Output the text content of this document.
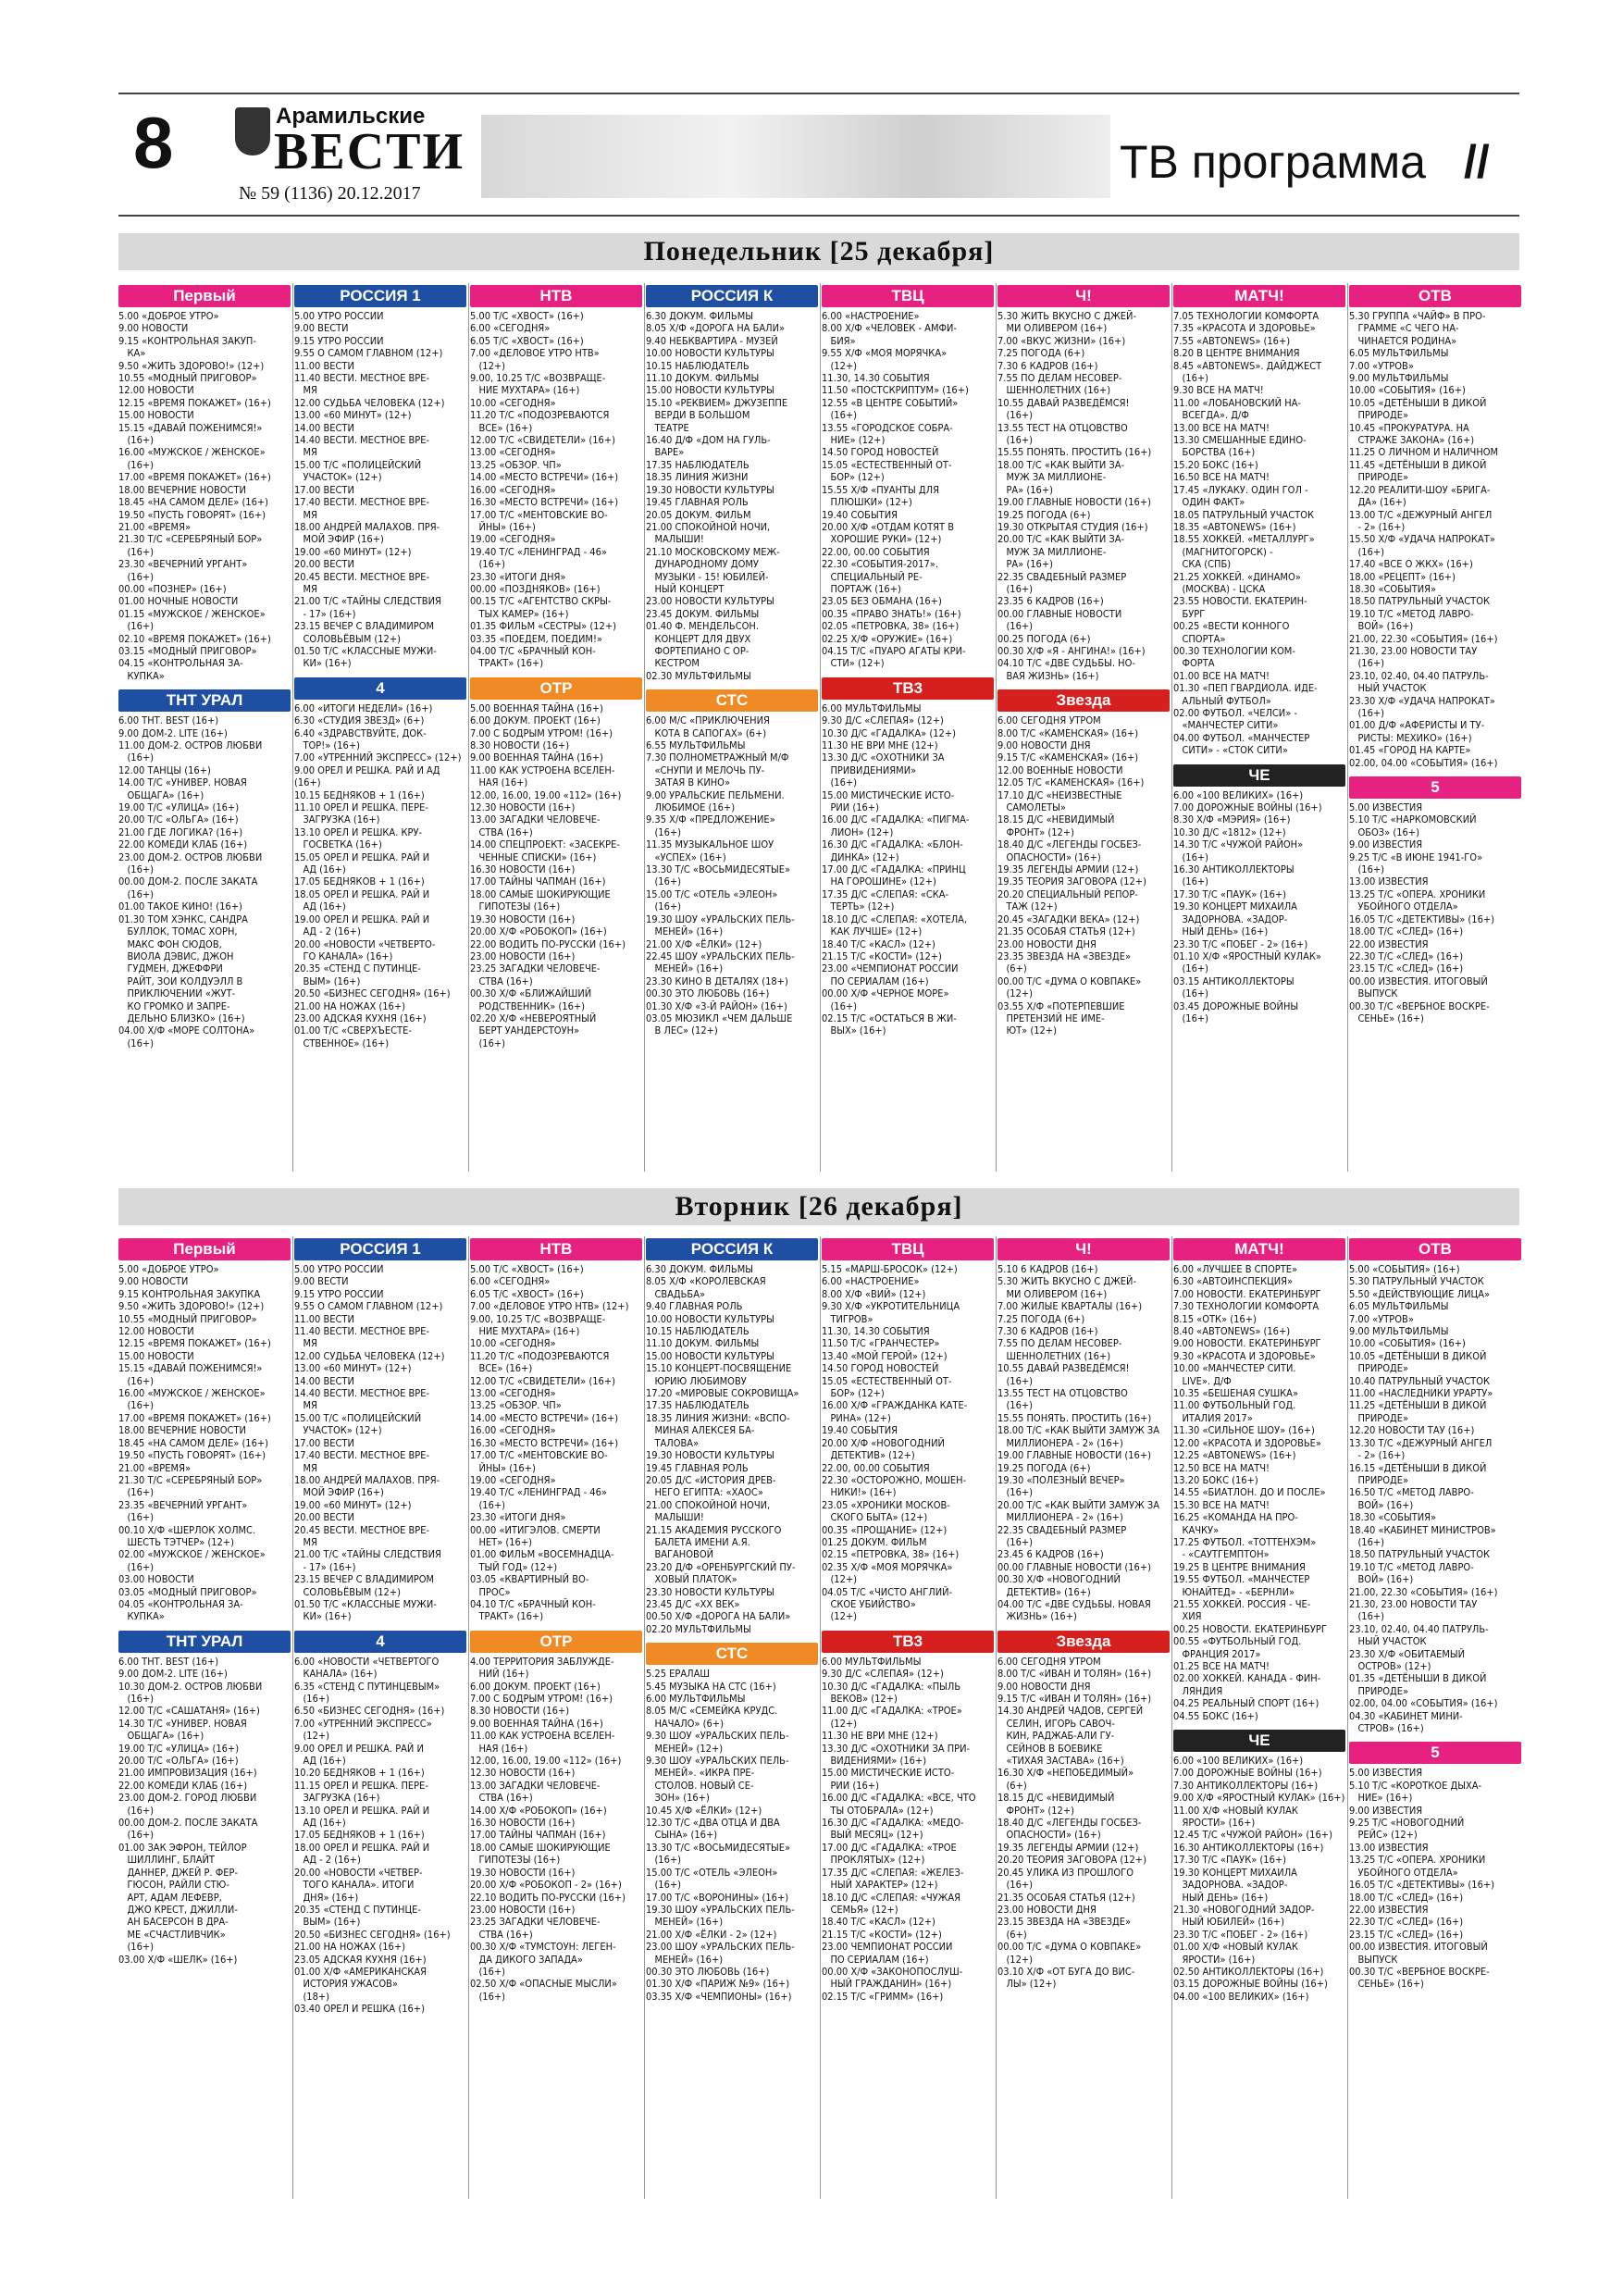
8	Арамильские
ВЕСТИ
№ 59 (1136) 20.12.2017
ТВ программа //
Понедельник [25 декабря]
Первый
5.00 «ДОБРОЕ УТРО»
9.00 НОВОСТИ
9.15 «КОНТРОЛЬНАЯ ЗАКУП-
КА»
9.50 «ЖИТЬ ЗДОРОВО!» (12+)
10.55 «МОДНЫЙ ПРИГОВОР»
12.00 НОВОСТИ
12.15 «ВРЕМЯ ПОКАЖЕТ» (16+)
15.00 НОВОСТИ
15.15 «ДАВАЙ ПОЖЕНИМСЯ!»
(16+)
16.00 «МУЖСКОЕ / ЖЕНСКОЕ»
(16+)
17.00 «ВРЕМЯ ПОКАЖЕТ» (16+)
18.00 ВЕЧЕРНИЕ НОВОСТИ
18.45 «НА САМОМ ДЕЛЕ» (16+)
19.50 «ПУСТЬ ГОВОРЯТ» (16+)
21.00 «ВРЕМЯ»
21.30 Т/С «СЕРЕБРЯНЫЙ БОР»
(16+)
23.30 «ВЕЧЕРНИЙ УРГАНТ»
(16+)
00.00 «ПОЗНЕР» (16+)
01.00 НОЧНЫЕ НОВОСТИ
01.15 «МУЖСКОЕ / ЖЕНСКОЕ»
(16+)
02.10 «ВРЕМЯ ПОКАЖЕТ» (16+)
03.15 «МОДНЫЙ ПРИГОВОР»
04.15 «КОНТРОЛЬНАЯ ЗА-
КУПКА»
ТНТ УРАЛ
6.00 ТНТ. BEST (16+)
9.00 ДОМ-2. LITE (16+)
11.00 ДОМ-2. ОСТРОВ ЛЮБВИ
(16+)
12.00 ТАНЦЫ (16+)
14.00 Т/С «УНИВЕР. НОВАЯ
ОБЩАГА» (16+)
19.00 Т/С «УЛИЦА» (16+)
20.00 Т/С «ОЛЬГА» (16+)
21.00 ГДЕ ЛОГИКА? (16+)
22.00 КОМЕДИ КЛАБ (16+)
23.00 ДОМ-2. ОСТРОВ ЛЮБВИ
(16+)
00.00 ДОМ-2. ПОСЛЕ ЗАКАТА
(16+)
01.00 ТАКОЕ КИНО! (16+)
01.30 ТОМ ХЭНКС, САНДРА
БУЛЛОК, ТОМАС ХОРН,
МАКС ФОН СЮДОВ,
ВИОЛА ДЭВИС, ДЖОН
ГУДМЕН, ДЖЕФФРИ
РАЙТ, ЗОИ КОЛДУЭЛЛ В
ПРИКЛЮЧЕНИИ «ЖУТ-
КО ГРОМКО И ЗАПРЕ-
ДЕЛЬНО БЛИЗКО» (16+)
04.00 Х/Ф «МОРЕ СОЛТОНА»
(16+)
РОССИЯ 1
5.00 УТРО РОССИИ
9.00 ВЕСТИ
9.15 УТРО РОССИИ
9.55 О САМОМ ГЛАВНОМ (12+)
11.00 ВЕСТИ
11.40 ВЕСТИ. МЕСТНОЕ ВРЕ-
МЯ
12.00 СУДЬБА ЧЕЛОВЕКА (12+)
13.00 «60 МИНУТ» (12+)
14.00 ВЕСТИ
14.40 ВЕСТИ. МЕСТНОЕ ВРЕ-
МЯ
15.00 Т/С «ПОЛИЦЕЙСКИЙ
УЧАСТОК» (12+)
17.00 ВЕСТИ
17.40 ВЕСТИ. МЕСТНОЕ ВРЕ-
МЯ
18.00 АНДРЕЙ МАЛАХОВ. ПРЯ-
МОЙ ЭФИР (16+)
19.00 «60 МИНУТ» (12+)
20.00 ВЕСТИ
20.45 ВЕСТИ. МЕСТНОЕ ВРЕ-
МЯ
21.00 Т/С «ТАЙНЫ СЛЕДСТВИЯ
- 17» (16+)
23.15 ВЕЧЕР С ВЛАДИМИРОМ
СОЛОВЬЁВЫМ (12+)
01.50 Т/С «КЛАССНЫЕ МУЖИ-
КИ» (16+)
4
6.00 «ИТОГИ НЕДЕЛИ» (16+)
6.30 «СТУДИЯ ЗВЕЗД» (6+)
6.40 «ЗДРАВСТВУЙТЕ, ДОК-
ТОР!» (16+)
7.00 «УТРЕННИЙ ЭКСПРЕСС» (12+)
9.00 ОРЕЛ И РЕШКА. РАЙ И АД (16+)
10.15 БЕДНЯКОВ + 1 (16+)
11.10 ОРЕЛ И РЕШКА. ПЕРЕ-
ЗАГРУЗКА (16+)
13.10 ОРЕЛ И РЕШКА. КРУ-
ГОСВЕТКА (16+)
15.05 ОРЕЛ И РЕШКА. РАЙ И
АД (16+)
17.05 БЕДНЯКОВ + 1 (16+)
18.05 ОРЕЛ И РЕШКА. РАЙ И
АД (16+)
19.00 ОРЕЛ И РЕШКА. РАЙ И
АД - 2 (16+)
20.00 «НОВОСТИ «ЧЕТВЕРТО-
ГО КАНАЛА» (16+)
20.35 «СТЕНД С ПУТИНЦЕ-
ВЫМ» (16+)
20.50 «БИЗНЕС СЕГОДНЯ» (16+)
21.00 НА НОЖАХ (16+)
23.00 АДСКАЯ КУХНЯ (16+)
01.00 Т/С «СВЕРХЪЕСТЕ-
СТВЕННОЕ» (16+)
НТВ
5.00 Т/С «ХВОСТ» (16+)
6.00 «СЕГОДНЯ»
6.05 Т/С «ХВОСТ» (16+)
7.00 «ДЕЛОВОЕ УТРО НТВ»
(12+)
9.00, 10.25 Т/С «ВОЗВРАЩЕ-
НИЕ МУХТАРА» (16+)
10.00 «СЕГОДНЯ»
11.20 Т/С «ПОДОЗРЕВАЮТСЯ
ВСЕ» (16+)
12.00 Т/С «СВИДЕТЕЛИ» (16+)
13.00 «СЕГОДНЯ»
13.25 «ОБЗОР. ЧП»
14.00 «МЕСТО ВСТРЕЧИ» (16+)
16.00 «СЕГОДНЯ»
16.30 «МЕСТО ВСТРЕЧИ» (16+)
17.00 Т/С «МЕНТОВСКИЕ ВО-
ЙНЫ» (16+)
19.00 «СЕГОДНЯ»
19.40 Т/С «ЛЕНИНГРАД - 46»
(16+)
23.30 «ИТОГИ ДНЯ»
00.00 «ПОЗДНЯКОВ» (16+)
00.15 Т/С «АГЕНТСТВО СКРЫ-
ТЫХ КАМЕР» (16+)
01.35 ФИЛЬМ «СЕСТРЫ» (12+)
03.35 «ПОЕДЕМ, ПОЕДИМ!»
04.00 Т/С «БРАЧНЫЙ КОН-
ТРАКТ» (16+)
ОТР
5.00 ВОЕННАЯ ТАЙНА (16+)
6.00 ДОКУМ. ПРОЕКТ (16+)
7.00 С БОДРЫМ УТРОМ! (16+)
8.30 НОВОСТИ (16+)
9.00 ВОЕННАЯ ТАЙНА (16+)
11.00 КАК УСТРОЕНА ВСЕЛЕН-
НАЯ (16+)
12.00, 16.00, 19.00 «112» (16+)
12.30 НОВОСТИ (16+)
13.00 ЗАГАДКИ ЧЕЛОВЕЧЕ-
СТВА (16+)
14.00 СПЕЦПРОЕКТ: «ЗАСЕКРЕ-
ЧЕННЫЕ СПИСКИ» (16+)
16.30 НОВОСТИ (16+)
17.00 ТАЙНЫ ЧАПМАН (16+)
18.00 САМЫЕ ШОКИРУЮЩИЕ
ГИПОТЕЗЫ (16+)
19.30 НОВОСТИ (16+)
20.00 Х/Ф «РОБОКОП» (16+)
22.00 ВОДИТЬ ПО-РУССКИ (16+)
23.00 НОВОСТИ (16+)
23.25 ЗАГАДКИ ЧЕЛОВЕЧЕ-
СТВА (16+)
00.30 Х/Ф «БЛИЖАЙШИЙ
РОДСТВЕННИК» (16+)
02.20 Х/Ф «НЕВЕРОЯТНЫЙ
БЕРТ УАНДЕРСТОУН»
(16+)
РОССИЯ К
6.30 ДОКУМ. ФИЛЬМЫ
8.05 Х/Ф «ДОРОГА НА БАЛИ»
9.40 НЕБКВАРТИРА - МУЗЕЙ
10.00 НОВОСТИ КУЛЬТУРЫ
10.15 НАБЛЮДАТЕЛЬ
11.10 ДОКУМ. ФИЛЬМЫ
15.00 НОВОСТИ КУЛЬТУРЫ
15.10 «РЕКВИЕМ» ДЖУЗЕППЕ
ВЕРДИ В БОЛЬШОМ
ТЕАТРЕ
16.40 Д/Ф «ДОМ НА ГУЛЬ-
ВАРЕ»
17.35 НАБЛЮДАТЕЛЬ
18.35 ЛИНИЯ ЖИЗНИ
19.30 НОВОСТИ КУЛЬТУРЫ
19.45 ГЛАВНАЯ РОЛЬ
20.05 ДОКУМ. ФИЛЬМ
21.00 СПОКОЙНОЙ НОЧИ,
МАЛЫШИ!
21.10 МОСКОВСКОМУ МЕЖ-
ДУНАРОДНОМУ ДОМУ
МУЗЫКИ - 15! ЮБИЛЕЙ-
НЫЙ КОНЦЕРТ
23.00 НОВОСТИ КУЛЬТУРЫ
23.45 ДОКУМ. ФИЛЬМЫ
01.40 Ф. МЕНДЕЛЬСОН.
КОНЦЕРТ ДЛЯ ДВУХ
ФОРТЕПИАНО С ОР-
КЕСТРОМ
02.30 МУЛЬТФИЛЬМЫ
СТС
6.00 М/С «ПРИКЛЮЧЕНИЯ
КОТА В САПОГАХ» (6+)
6.55 МУЛЬТФИЛЬМЫ
7.30 ПОЛНОМЕТРАЖНЫЙ М/Ф
«СНУПИ И МЕЛОЧЬ ПУ-
ЗАТАЯ В КИНО»
9.00 УРАЛЬСКИЕ ПЕЛЬМЕНИ.
ЛЮБИМОЕ (16+)
9.35 Х/Ф «ПРЕДЛОЖЕНИЕ»
(16+)
11.35 МУЗЫКАЛЬНОЕ ШОУ
«УСПЕХ» (16+)
13.30 Т/С «ВОСЬМИДЕСЯТЫЕ»
(16+)
15.00 Т/С «ОТЕЛЬ «ЭЛЕОН»
(16+)
19.30 ШОУ «УРАЛЬСКИХ ПЕЛЬ-
МЕНЕЙ» (16+)
21.00 Х/Ф «ЁЛКИ» (12+)
22.45 ШОУ «УРАЛЬСКИХ ПЕЛЬ-
МЕНЕЙ» (16+)
23.30 КИНО В ДЕТАЛЯХ (18+)
00.30 ЭТО ЛЮБОВЬ (16+)
01.30 Х/Ф «3-Й РАЙОН» (16+)
03.05 МЮЗИКЛ «ЧЕМ ДАЛЬШЕ
В ЛЕС» (12+)
ТВЦ
6.00 «НАСТРОЕНИЕ»
8.00 Х/Ф «ЧЕЛОВЕК - АМФИ-
БИЯ»
9.55 Х/Ф «МОЯ МОРЯЧКА»
(12+)
11.30, 14.30 СОБЫТИЯ
11.50 «ПОСТСКРИПТУМ» (16+)
12.55 «В ЦЕНТРЕ СОБЫТИЙ»
(16+)
13.55 «ГОРОДСКОЕ СОБРА-
НИЕ» (12+)
14.50 ГОРОД НОВОСТЕЙ
15.05 «ЕСТЕСТВЕННЫЙ ОТ-
БОР» (12+)
15.55 Х/Ф «ПУАНТЫ ДЛЯ
ПЛЮШКИ» (12+)
19.40 СОБЫТИЯ
20.00 Х/Ф «ОТДАМ КОТЯТ В
ХОРОШИЕ РУКИ» (12+)
22.00, 00.00 СОБЫТИЯ
22.30 «СОБЫТИЯ-2017».
СПЕЦИАЛЬНЫЙ РЕ-
ПОРТАЖ (16+)
23.05 БЕЗ ОБМАНА (16+)
00.35 «ПРАВО ЗНАТЬ!» (16+)
02.05 «ПЕТРОВКА, 38» (16+)
02.25 Х/Ф «ОРУЖИЕ» (16+)
04.15 Т/С «ПУАРО АГАТЫ КРИ-
СТИ» (12+)
ТВ3
6.00 МУЛЬТФИЛЬМЫ
9.30 Д/С «СЛЕПАЯ» (12+)
10.30 Д/С «ГАДАЛКА» (12+)
11.30 НЕ ВРИ МНЕ (12+)
13.30 Д/С «ОХОТНИКИ ЗА
ПРИВИДЕНИЯМИ»
(16+)
15.00 МИСТИЧЕСКИЕ ИСТО-
РИИ (16+)
16.00 Д/С «ГАДАЛКА: «ПИГМА-
ЛИОН» (12+)
16.30 Д/С «ГАДАЛКА: «БЛОН-
ДИНКА» (12+)
17.00 Д/С «ГАДАЛКА: «ПРИНЦ
НА ГОРОШИНЕ» (12+)
17.35 Д/С «СЛЕПАЯ: «СКА-
ТЕРТЬ» (12+)
18.10 Д/С «СЛЕПАЯ: «ХОТЕЛА,
КАК ЛУЧШЕ» (12+)
18.40 Т/С «КАСЛ» (12+)
21.15 Т/С «КОСТИ» (12+)
23.00 «ЧЕМПИОНАТ РОССИИ
ПО СЕРИАЛАМ (16+)
00.00 Х/Ф «ЧЕРНОЕ МОРЕ»
(16+)
02.15 Т/С «ОСТАТЬСЯ В ЖИ-
ВЫХ» (16+)
Ч!
5.30 ЖИТЬ ВКУСНО С ДЖЕЙ-
МИ ОЛИВЕРОМ (16+)
7.00 «ВКУС ЖИЗНИ» (16+)
7.25 ПОГОДА (6+)
7.30 6 КАДРОВ (16+)
7.55 ПО ДЕЛАМ НЕСОВЕР-
ШЕННОЛЕТНИХ (16+)
10.55 ДАВАЙ РАЗВЕДЁМСЯ!
(16+)
13.55 ТЕСТ НА ОТЦОВСТВО
(16+)
15.55 ПОНЯТЬ. ПРОСТИТЬ (16+)
18.00 Т/С «КАК ВЫЙТИ ЗА-
МУЖ ЗА МИЛЛИОНЕ-
РА» (16+)
19.00 ГЛАВНЫЕ НОВОСТИ (16+)
19.25 ПОГОДА (6+)
19.30 ОТКРЫТАЯ СТУДИЯ (16+)
20.00 Т/С «КАК ВЫЙТИ ЗА-
МУЖ ЗА МИЛЛИОНЕ-
РА» (16+)
22.35 СВАДЕБНЫЙ РАЗМЕР
(16+)
23.35 6 КАДРОВ (16+)
00.00 ГЛАВНЫЕ НОВОСТИ
(16+)
00.25 ПОГОДА (6+)
00.30 Х/Ф «Я - АНГИНА!» (16+)
04.10 Т/С «ДВЕ СУДЬБЫ. НО-
ВАЯ ЖИЗНЬ» (16+)
Звезда
6.00 СЕГОДНЯ УТРОМ
8.00 Т/С «КАМЕНСКАЯ» (16+)
9.00 НОВОСТИ ДНЯ
9.15 Т/С «КАМЕНСКАЯ» (16+)
12.00 ВОЕННЫЕ НОВОСТИ
12.05 Т/С «КАМЕНСКАЯ» (16+)
17.10 Д/С «НЕИЗВЕСТНЫЕ
САМОЛЕТЫ»
18.15 Д/С «НЕВИДИМЫЙ
ФРОНТ» (12+)
18.40 Д/С «ЛЕГЕНДЫ ГОСБЕЗ-
ОПАСНОСТИ» (16+)
19.35 ЛЕГЕНДЫ АРМИИ (12+)
19.35 ТЕОРИЯ ЗАГОВОРА (12+)
20.20 СПЕЦИАЛЬНЫЙ РЕПОР-
ТАЖ (12+)
20.45 «ЗАГАДКИ ВЕКА» (12+)
21.35 ОСОБАЯ СТАТЬЯ (12+)
23.00 НОВОСТИ ДНЯ
23.35 ЗВЕЗДА НА «ЗВЕЗДЕ»
(6+)
00.00 Т/С «ДУМА О КОВПАКЕ»
(12+)
03.55 Х/Ф «ПОТЕРПЕВШИЕ
ПРЕТЕНЗИЙ НЕ ИМЕ-
ЮТ» (12+)
МАТЧ!
7.05 ТЕХНОЛОГИИ КОМФОРТА
7.35 «КРАСОТА И ЗДОРОВЬЕ»
7.55 «ABTONEWS» (16+)
8.20 В ЦЕНТРЕ ВНИМАНИЯ
8.45 «ABTONEWS». ДАЙДЖЕСТ
(16+)
9.30 ВСЕ НА МАТЧ!
11.00 «ЛОБАНОВСКИЙ НА-
ВСЕГДА». Д/Ф
13.00 ВСЕ НА МАТЧ!
13.30 СМЕШАННЫЕ ЕДИНО-
БОРСТВА (16+)
15.20 БОКС (16+)
16.50 ВСЕ НА МАТЧ!
17.45 «ЛУКАКУ. ОДИН ГОЛ -
ОДИН ФАКТ»
18.05 ПАТРУЛЬНЫЙ УЧАСТОК
18.35 «ABTONEWS» (16+)
18.55 ХОККЕЙ. «МЕТАЛЛУРГ»
(МАГНИТОГОРСК) -
СКА (СПБ)
21.25 ХОККЕЙ. «ДИНАМО»
(МОСКВА) - ЦСКА
23.55 НОВОСТИ. ЕКАТЕРИН-
БУРГ
00.25 «ВЕСТИ КОННОГО
СПОРТА»
00.30 ТЕХНОЛОГИИ КОМ-
ФОРТА
01.00 ВСЕ НА МАТЧ!
01.30 «ПЕП ГВАРДИОЛА. ИДЕ-
АЛЬНЫЙ ФУТБОЛ»
02.00 ФУТБОЛ. «ЧЕЛСИ» -
«МАНЧЕСТЕР СИТИ»
04.00 ФУТБОЛ. «МАНЧЕСТЕР
СИТИ» - «СТОК СИТИ»
ЧЕ
6.00 «100 ВЕЛИКИХ» (16+)
7.00 ДОРОЖНЫЕ ВОЙНЫ (16+)
8.30 Х/Ф «МЭРИЯ» (16+)
10.30 Д/С «1812» (12+)
14.30 Т/С «ЧУЖОЙ РАЙОН»
(16+)
16.30 АНТИКОЛЛЕКТОРЫ
(16+)
17.30 Т/С «ПАУК» (16+)
19.30 КОНЦЕРТ МИХАИЛА
ЗАДОРНОВА. «ЗАДОР-
НЫЙ ДЕНЬ» (16+)
23.30 Т/С «ПОБЕГ - 2» (16+)
01.10 Х/Ф «ЯРОСТНЫЙ КУЛАК»
(16+)
03.15 АНТИКОЛЛЕКТОРЫ
(16+)
03.45 ДОРОЖНЫЕ ВОЙНЫ
(16+)
ОТВ
5.30 ГРУППА «ЧАЙФ» В ПРО-
ГРАММЕ «С ЧЕГО НА-
ЧИНАЕТСЯ РОДИНА»
6.05 МУЛЬТФИЛЬМЫ
7.00 «УТРОВ»
9.00 МУЛЬТФИЛЬМЫ
10.00 «СОБЫТИЯ» (16+)
10.05 «ДЕТЁНЫШИ В ДИКОЙ
ПРИРОДЕ»
10.45 «ПРОКУРАТУРА. НА
СТРАЖЕ ЗАКОНА» (16+)
11.25 О ЛИЧНОМ И НАЛИЧНОМ
11.45 «ДЕТЁНЫШИ В ДИКОЙ
ПРИРОДЕ»
12.20 РЕАЛИТИ-ШОУ «БРИГА-
ДА» (16+)
13.00 Т/С «ДЕЖУРНЫЙ АНГЕЛ
- 2» (16+)
15.50 Х/Ф «УДАЧА НАПРОКАТ»
(16+)
17.40 «ВСЕ О ЖКХ» (16+)
18.00 «РЕЦЕПТ» (16+)
18.30 «СОБЫТИЯ»
18.50 ПАТРУЛЬНЫЙ УЧАСТОК
19.10 Т/С «МЕТОД ЛАВРО-
ВОЙ» (16+)
21.00, 22.30 «СОБЫТИЯ» (16+)
21.30, 23.00 НОВОСТИ ТАУ
(16+)
23.10, 02.40, 04.40 ПАТРУЛЬ-
НЫЙ УЧАСТОК
23.30 Х/Ф «УДАЧА НАПРОКАТ»
(16+)
01.00 Д/Ф «АФЕРИСТЫ И ТУ-
РИСТЫ: МЕХИКО» (16+)
01.45 «ГОРОД НА КАРТЕ»
02.00, 04.00 «СОБЫТИЯ» (16+)
5
5.00 ИЗВЕСТИЯ
5.10 Т/С «НАРКОМОВСКИЙ
ОБОЗ» (16+)
9.00 ИЗВЕСТИЯ
9.25 Т/С «В ИЮНЕ 1941-ГО»
(16+)
13.00 ИЗВЕСТИЯ
13.25 Т/С «ОПЕРА. ХРОНИКИ
УБОЙНОГО ОТДЕЛА»
16.05 Т/С «ДЕТЕКТИВЫ» (16+)
18.00 Т/С «СЛЕД» (16+)
22.00 ИЗВЕСТИЯ
22.30 Т/С «СЛЕД» (16+)
23.15 Т/С «СЛЕД» (16+)
00.00 ИЗВЕСТИЯ. ИТОГОВЫЙ
ВЫПУСК
00.30 Т/С «ВЕРБНОЕ ВОСКРЕ-
СЕНЬЕ» (16+)
Вторник [26 декабря]
Первый
5.00 «ДОБРОЕ УТРО»
9.00 НОВОСТИ
9.15 КОНТРОЛЬНАЯ ЗАКУПКА
9.50 «ЖИТЬ ЗДОРОВО!» (12+)
10.55 «МОДНЫЙ ПРИГОВОР»
12.00 НОВОСТИ
12.15 «ВРЕМЯ ПОКАЖЕТ» (16+)
15.00 НОВОСТИ
15.15 «ДАВАЙ ПОЖЕНИМСЯ!»
(16+)
16.00 «МУЖСКОЕ / ЖЕНСКОЕ»
(16+)
17.00 «ВРЕМЯ ПОКАЖЕТ» (16+)
18.00 ВЕЧЕРНИЕ НОВОСТИ
18.45 «НА САМОМ ДЕЛЕ» (16+)
19.50 «ПУСТЬ ГОВОРЯТ» (16+)
21.00 «ВРЕМЯ»
21.30 Т/С «СЕРЕБРЯНЫЙ БОР»
(16+)
23.35 «ВЕЧЕРНИЙ УРГАНТ»
(16+)
00.10 Х/Ф «ШЕРЛОК ХОЛМС.
ШЕСТЬ ТЭТЧЕР» (12+)
02.00 «МУЖСКОЕ / ЖЕНСКОЕ»
(16+)
03.00 НОВОСТИ
03.05 «МОДНЫЙ ПРИГОВОР»
04.05 «КОНТРОЛЬНАЯ ЗА-
КУПКА»
ТНТ УРАЛ
6.00 ТНТ. BEST (16+)
9.00 ДОМ-2. LITE (16+)
10.30 ДОМ-2. ОСТРОВ ЛЮБВИ
(16+)
12.00 Т/С «САШАТАНЯ» (16+)
14.30 Т/С «УНИВЕР. НОВАЯ
ОБЩАГА» (16+)
19.00 Т/С «УЛИЦА» (16+)
20.00 Т/С «ОЛЬГА» (16+)
21.00 ИМПРОВИЗАЦИЯ (16+)
22.00 КОМЕДИ КЛАБ (16+)
23.00 ДОМ-2. ГОРОД ЛЮБВИ
(16+)
00.00 ДОМ-2. ПОСЛЕ ЗАКАТА
(16+)
01.00 ЗАК ЭФРОН, ТЕЙЛОР
ШИЛЛИНГ, БЛАЙТ
ДАННЕР, ДЖЕЙ Р. ФЕР-
ГЮСОН, РАЙЛИ СТЮ-
АРТ, АДАМ ЛЕФЕВР,
ДЖО КРЕСТ, ДЖИЛЛИ-
АН БАСЕРСОН В ДРА-
МЕ «СЧАСТЛИВЧИК»
(16+)
03.00 Х/Ф «ШЕЛК» (16+)
РОССИЯ 1
5.00 УТРО РОССИИ
9.00 ВЕСТИ
9.15 УТРО РОССИИ
9.55 О САМОМ ГЛАВНОМ (12+)
11.00 ВЕСТИ
11.40 ВЕСТИ. МЕСТНОЕ ВРЕ-
МЯ
12.00 СУДЬБА ЧЕЛОВЕКА (12+)
13.00 «60 МИНУТ» (12+)
14.00 ВЕСТИ
14.40 ВЕСТИ. МЕСТНОЕ ВРЕ-
МЯ
15.00 Т/С «ПОЛИЦЕЙСКИЙ
УЧАСТОК» (12+)
17.00 ВЕСТИ
17.40 ВЕСТИ. МЕСТНОЕ ВРЕ-
МЯ
18.00 АНДРЕЙ МАЛАХОВ. ПРЯ-
МОЙ ЭФИР (16+)
19.00 «60 МИНУТ» (12+)
20.00 ВЕСТИ
20.45 ВЕСТИ. МЕСТНОЕ ВРЕ-
МЯ
21.00 Т/С «ТАЙНЫ СЛЕДСТВИЯ
- 17» (16+)
23.15 ВЕЧЕР С ВЛАДИМИРОМ
СОЛОВЬЁВЫМ (12+)
01.50 Т/С «КЛАССНЫЕ МУЖИ-
КИ» (16+)
4
6.00 «НОВОСТИ «ЧЕТВЕРТОГО
КАНАЛА» (16+)
6.35 «СТЕНД С ПУТИНЦЕВЫМ»
(16+)
6.50 «БИЗНЕС СЕГОДНЯ» (16+)
7.00 «УТРЕННИЙ ЭКСПРЕСС»
(12+)
9.00 ОРЕЛ И РЕШКА. РАЙ И
АД (16+)
10.20 БЕДНЯКОВ + 1 (16+)
11.15 ОРЕЛ И РЕШКА. ПЕРЕ-
ЗАГРУЗКА (16+)
13.10 ОРЕЛ И РЕШКА. РАЙ И
АД (16+)
17.05 БЕДНЯКОВ + 1 (16+)
18.00 ОРЕЛ И РЕШКА. РАЙ И
АД - 2 (16+)
20.00 «НОВОСТИ «ЧЕТВЕР-
ТОГО КАНАЛА». ИТОГИ
ДНЯ» (16+)
20.35 «СТЕНД С ПУТИНЦЕ-
ВЫМ» (16+)
20.50 «БИЗНЕС СЕГОДНЯ» (16+)
21.00 НА НОЖАХ (16+)
23.05 АДСКАЯ КУХНЯ (16+)
01.00 Х/Ф «АМЕРИКАНСКАЯ
ИСТОРИЯ УЖАСОВ»
(18+)
03.40 ОРЕЛ И РЕШКА (16+)
НТВ
5.00 Т/С «ХВОСТ» (16+)
6.00 «СЕГОДНЯ»
6.05 Т/С «ХВОСТ» (16+)
7.00 «ДЕЛОВОЕ УТРО НТВ» (12+)
9.00, 10.25 Т/С «ВОЗВРАЩЕ-
НИЕ МУХТАРА» (16+)
10.00 «СЕГОДНЯ»
11.20 Т/С «ПОДОЗРЕВАЮТСЯ
ВСЕ» (16+)
12.00 Т/С «СВИДЕТЕЛИ» (16+)
13.00 «СЕГОДНЯ»
13.25 «ОБЗОР. ЧП»
14.00 «МЕСТО ВСТРЕЧИ» (16+)
16.00 «СЕГОДНЯ»
16.30 «МЕСТО ВСТРЕЧИ» (16+)
17.00 Т/С «МЕНТОВСКИЕ ВО-
ЙНЫ» (16+)
19.00 «СЕГОДНЯ»
19.40 Т/С «ЛЕНИНГРАД - 46»
(16+)
23.30 «ИТОГИ ДНЯ»
00.00 «ИТИГЭЛОВ. СМЕРТИ
НЕТ» (16+)
01.00 ФИЛЬМ «ВОСЕМНАДЦА-
ТЫЙ ГОД» (12+)
03.05 «КВАРТИРНЫЙ ВО-
ПРОС»
04.10 Т/С «БРАЧНЫЙ КОН-
ТРАКТ» (16+)
ОТР
4.00 ТЕРРИТОРИЯ ЗАБЛУЖДЕ-
НИЙ (16+)
6.00 ДОКУМ. ПРОЕКТ (16+)
7.00 С БОДРЫМ УТРОМ! (16+)
8.30 НОВОСТИ (16+)
9.00 ВОЕННАЯ ТАЙНА (16+)
11.00 КАК УСТРОЕНА ВСЕЛЕН-
НАЯ (16+)
12.00, 16.00, 19.00 «112» (16+)
12.30 НОВОСТИ (16+)
13.00 ЗАГАДКИ ЧЕЛОВЕЧЕ-
СТВА (16+)
14.00 Х/Ф «РОБОКОП» (16+)
16.30 НОВОСТИ (16+)
17.00 ТАЙНЫ ЧАПМАН (16+)
18.00 САМЫЕ ШОКИРУЮЩИЕ
ГИПОТЕЗЫ (16+)
19.30 НОВОСТИ (16+)
20.00 Х/Ф «РОБОКОП - 2» (16+)
22.10 ВОДИТЬ ПО-РУССКИ (16+)
23.00 НОВОСТИ (16+)
23.25 ЗАГАДКИ ЧЕЛОВЕЧЕ-
СТВА (16+)
00.30 Х/Ф «ТУМСТОУН: ЛЕГЕН-
ДА ДИКОГО ЗАПАДА»
(16+)
02.50 Х/Ф «ОПАСНЫЕ МЫСЛИ»
(16+)
РОССИЯ К
6.30 ДОКУМ. ФИЛЬМЫ
8.05 Х/Ф «КОРОЛЕВСКАЯ
СВАДЬБА»
9.40 ГЛАВНАЯ РОЛЬ
10.00 НОВОСТИ КУЛЬТУРЫ
10.15 НАБЛЮДАТЕЛЬ
11.10 ДОКУМ. ФИЛЬМЫ
15.00 НОВОСТИ КУЛЬТУРЫ
15.10 КОНЦЕРТ-ПОСВЯЩЕНИЕ
ЮРИЮ ЛЮБИМОВУ
17.20 «МИРОВЫЕ СОКРОВИЩА»
17.35 НАБЛЮДАТЕЛЬ
18.35 ЛИНИЯ ЖИЗНИ: «ВСПО-
МИНАЯ АЛЕКСЕЯ БА-
ТАЛОВА»
19.30 НОВОСТИ КУЛЬТУРЫ
19.45 ГЛАВНАЯ РОЛЬ
20.05 Д/С «ИСТОРИЯ ДРЕВ-
НЕГО ЕГИПТА: «ХАОС»
21.00 СПОКОЙНОЙ НОЧИ,
МАЛЫШИ!
21.15 АКАДЕМИЯ РУССКОГО
БАЛЕТА ИМЕНИ А.Я.
ВАГАНОВОЙ
23.20 Д/Ф «ОРЕНБУРГСКИЙ ПУ-
ХОВЫЙ ПЛАТОК»
23.30 НОВОСТИ КУЛЬТУРЫ
23.45 Д/С «ХХ ВЕК»
00.50 Х/Ф «ДОРОГА НА БАЛИ»
02.20 МУЛЬТФИЛЬМЫ
СТС
5.25 ЕРАЛАШ
5.45 МУЗЫКА НА СТС (16+)
6.00 МУЛЬТФИЛЬМЫ
8.05 М/С «СЕМЕЙКА КРУДС.
НАЧАЛО» (6+)
9.30 ШОУ «УРАЛЬСКИХ ПЕЛЬ-
МЕНЕЙ» (12+)
9.30 ШОУ «УРАЛЬСКИХ ПЕЛЬ-
МЕНЕЙ». «ИКРА ПРЕ-
СТОЛОВ. НОВЫЙ СЕ-
ЗОН» (16+)
10.45 Х/Ф «ЁЛКИ» (12+)
12.30 Т/С «ДВА ОТЦА И ДВА
СЫНА» (16+)
13.30 Т/С «ВОСЬМИДЕСЯТЫЕ»
(16+)
15.00 Т/С «ОТЕЛЬ «ЭЛЕОН»
(16+)
17.00 Т/С «ВОРОНИНЫ» (16+)
19.30 ШОУ «УРАЛЬСКИХ ПЕЛЬ-
МЕНЕЙ» (16+)
21.00 Х/Ф «ЁЛКИ - 2» (12+)
23.00 ШОУ «УРАЛЬСКИХ ПЕЛЬ-
МЕНЕЙ» (16+)
00.30 ЭТО ЛЮБОВЬ (16+)
01.30 Х/Ф «ПАРИЖ №9» (16+)
03.35 Х/Ф «ЧЕМПИОНЫ» (16+)
ТВЦ
5.15 «МАРШ-БРОСОК» (12+)
6.00 «НАСТРОЕНИЕ»
8.00 Х/Ф «ВИЙ» (12+)
9.30 Х/Ф «УКРОТИТЕЛЬНИЦА
ТИГРОВ»
11.30, 14.30 СОБЫТИЯ
11.50 Т/С «ГРАНЧЕСТЕР»
13.40 «МОЙ ГЕРОЙ» (12+)
14.50 ГОРОД НОВОСТЕЙ
15.05 «ЕСТЕСТВЕННЫЙ ОТ-
БОР» (12+)
16.00 Х/Ф «ГРАЖДАНКА КАТЕ-
РИНА» (12+)
19.40 СОБЫТИЯ
20.00 Х/Ф «НОВОГОДНИЙ
ДЕТЕКТИВ» (12+)
22.00, 00.00 СОБЫТИЯ
22.30 «ОСТОРОЖНО, МОШЕН-
НИКИ!» (16+)
23.05 «ХРОНИКИ МОСКОВ-
СКОГО БЫТА» (12+)
00.35 «ПРОЩАНИЕ» (12+)
01.25 ДОКУМ. ФИЛЬМ
02.15 «ПЕТРОВКА, 38» (16+)
02.35 Х/Ф «МОЯ МОРЯЧКА»
(12+)
04.05 Т/С «ЧИСТО АНГЛИЙ-
СКОЕ УБИЙСТВО»
(12+)
ТВ3
6.00 МУЛЬТФИЛЬМЫ
9.30 Д/С «СЛЕПАЯ» (12+)
10.30 Д/С «ГАДАЛКА: «ПЫЛЬ
ВЕКОВ» (12+)
11.00 Д/С «ГАДАЛКА: «ТРОЕ»
(12+)
11.30 НЕ ВРИ МНЕ (12+)
13.30 Д/С «ОХОТНИКИ ЗА ПРИ-
ВИДЕНИЯМИ» (16+)
15.00 МИСТИЧЕСКИЕ ИСТО-
РИИ (16+)
16.00 Д/С «ГАДАЛКА: «ВСЕ, ЧТО
ТЫ ОТОБРАЛА» (12+)
16.30 Д/С «ГАДАЛКА: «МЕДО-
ВЫЙ МЕСЯЦ» (12+)
17.00 Д/С «ГАДАЛКА: «ТРОЕ
ПРОКЛЯТЫХ» (12+)
17.35 Д/С «СЛЕПАЯ: «ЖЕЛЕЗ-
НЫЙ ХАРАКТЕР» (12+)
18.10 Д/С «СЛЕПАЯ: «ЧУЖАЯ
СЕМЬЯ» (12+)
18.40 Т/С «КАСЛ» (12+)
21.15 Т/С «КОСТИ» (12+)
23.00 ЧЕМПИОНАТ РОССИИ
ПО СЕРИАЛАМ (16+)
00.00 Х/Ф «ЗАКОНОПОСЛУШ-
НЫЙ ГРАЖДАНИН» (16+)
02.15 Т/С «ГРИММ» (16+)
Ч!
5.10 6 КАДРОВ (16+)
5.30 ЖИТЬ ВКУСНО С ДЖЕЙ-
МИ ОЛИВЕРОМ (16+)
7.00 ЖИЛЫЕ КВАРТАЛЫ (16+)
7.25 ПОГОДА (6+)
7.30 6 КАДРОВ (16+)
7.55 ПО ДЕЛАМ НЕСОВЕР-
ШЕННОЛЕТНИХ (16+)
10.55 ДАВАЙ РАЗВЕДЁМСЯ!
(16+)
13.55 ТЕСТ НА ОТЦОВСТВО
(16+)
15.55 ПОНЯТЬ. ПРОСТИТЬ (16+)
18.00 Т/С «КАК ВЫЙТИ ЗАМУЖ ЗА
МИЛЛИОНЕРА - 2» (16+)
19.00 ГЛАВНЫЕ НОВОСТИ (16+)
19.25 ПОГОДА (6+)
19.30 «ПОЛЕЗНЫЙ ВЕЧЕР»
(16+)
20.00 Т/С «КАК ВЫЙТИ ЗАМУЖ ЗА
МИЛЛИОНЕРА - 2» (16+)
22.35 СВАДЕБНЫЙ РАЗМЕР
(16+)
23.45 6 КАДРОВ (16+)
00.00 ГЛАВНЫЕ НОВОСТИ (16+)
00.30 Х/Ф «НОВОГОДНИЙ
ДЕТЕКТИВ» (16+)
04.00 Т/С «ДВЕ СУДЬБЫ. НОВАЯ
ЖИЗНЬ» (16+)
Звезда
6.00 СЕГОДНЯ УТРОМ
8.00 Т/С «ИВАН И ТОЛЯН» (16+)
9.00 НОВОСТИ ДНЯ
9.15 Т/С «ИВАН И ТОЛЯН» (16+)
14.30 АНДРЕЙ ЧАДОВ, СЕРГЕЙ
СЕЛИН, ИГОРЬ САВОЧ-
КИН, РАДЖАБ-АЛИ ГУ-
СЕЙНОВ В БОЕВИКЕ
«ТИХАЯ ЗАСТАВА» (16+)
16.30 Х/Ф «НЕПОБЕДИМЫЙ»
(6+)
18.15 Д/С «НЕВИДИМЫЙ
ФРОНТ» (12+)
18.40 Д/С «ЛЕГЕНДЫ ГОСБЕЗ-
ОПАСНОСТИ» (16+)
19.35 ЛЕГЕНДЫ АРМИИ (12+)
20.20 ТЕОРИЯ ЗАГОВОРА (12+)
20.45 УЛИКА ИЗ ПРОШЛОГО
(16+)
21.35 ОСОБАЯ СТАТЬЯ (12+)
23.00 НОВОСТИ ДНЯ
23.15 ЗВЕЗДА НА «ЗВЕЗДЕ»
(6+)
00.00 Т/С «ДУМА О КОВПАКЕ»
(12+)
03.10 Х/Ф «ОТ БУГА ДО ВИС-
ЛЫ» (12+)
МАТЧ!
6.00 «ЛУЧШЕЕ В СПОРТЕ»
6.30 «АВТОИНСПЕКЦИЯ»
7.00 НОВОСТИ. ЕКАТЕРИНБУРГ
7.30 ТЕХНОЛОГИИ КОМФОРТА
8.15 «ОТК» (16+)
8.40 «ABTONEWS» (16+)
9.00 НОВОСТИ. ЕКАТЕРИНБУРГ
9.30 «КРАСОТА И ЗДОРОВЬЕ»
10.00 «МАНЧЕСТЕР СИТИ.
LIVE». Д/Ф
10.35 «БЕШЕНАЯ СУШКА»
11.00 ФУТБОЛЬНЫЙ ГОД.
ИТАЛИЯ 2017»
11.30 «СИЛЬНОЕ ШОУ» (16+)
12.00 «КРАСОТА И ЗДОРОВЬЕ»
12.25 «ABTONEWS» (16+)
12.50 ВСЕ НА МАТЧ!
13.20 БОКС (16+)
14.55 «БИАТЛОН. ДО И ПОСЛЕ»
15.30 ВСЕ НА МАТЧ!
16.25 «КОМАНДА НА ПРО-
КАЧКУ»
17.25 ФУТБОЛ. «ТОТТЕНХЭМ»
- «САУТГЕМПТОН»
19.25 В ЦЕНТРЕ ВНИМАНИЯ
19.55 ФУТБОЛ. «МАНЧЕСТЕР
ЮНАЙТЕД» - «БЕРНЛИ»
21.55 ХОККЕЙ. РОССИЯ - ЧЕ-
ХИЯ
00.25 НОВОСТИ. ЕКАТЕРИНБУРГ
00.55 «ФУТБОЛЬНЫЙ ГОД.
ФРАНЦИЯ 2017»
01.25 ВСЕ НА МАТЧ!
02.00 ХОККЕЙ. КАНАДА - ФИН-
ЛЯНДИЯ
04.25 РЕАЛЬНЫЙ СПОРТ (16+)
04.55 БОКС (16+)
ЧЕ
6.00 «100 ВЕЛИКИХ» (16+)
7.00 ДОРОЖНЫЕ ВОЙНЫ (16+)
7.30 АНТИКОЛЛЕКТОРЫ (16+)
9.00 Х/Ф «ЯРОСТНЫЙ КУЛАК» (16+)
11.00 Х/Ф «НОВЫЙ КУЛАК
ЯРОСТИ» (16+)
12.45 Т/С «ЧУЖОЙ РАЙОН» (16+)
16.30 АНТИКОЛЛЕКТОРЫ (16+)
17.30 Т/С «ПАУК» (16+)
19.30 КОНЦЕРТ МИХАИЛА
ЗАДОРНОВА. «ЗАДОР-
НЫЙ ДЕНЬ» (16+)
21.30 «НОВОГОДНИЙ ЗАДОР-
НЫЙ ЮБИЛЕЙ» (16+)
23.30 Т/С «ПОБЕГ - 2» (16+)
01.00 Х/Ф «НОВЫЙ КУЛАК
ЯРОСТИ» (16+)
02.50 АНТИКОЛЛЕКТОРЫ (16+)
03.15 ДОРОЖНЫЕ ВОЙНЫ (16+)
04.00 «100 ВЕЛИКИХ» (16+)
ОТВ
5.00 «СОБЫТИЯ» (16+)
5.30 ПАТРУЛЬНЫЙ УЧАСТОК
5.50 «ДЕЙСТВУЮЩИЕ ЛИЦА»
6.05 МУЛЬТФИЛЬМЫ
7.00 «УТРОВ»
9.00 МУЛЬТФИЛЬМЫ
10.00 «СОБЫТИЯ» (16+)
10.05 «ДЕТЁНЫШИ В ДИКОЙ
ПРИРОДЕ»
10.40 ПАТРУЛЬНЫЙ УЧАСТОК
11.00 «НАСЛЕДНИКИ УРАРТУ»
11.25 «ДЕТЁНЫШИ В ДИКОЙ
ПРИРОДЕ»
12.20 НОВОСТИ ТАУ (16+)
13.30 Т/С «ДЕЖУРНЫЙ АНГЕЛ
- 2» (16+)
16.15 «ДЕТЁНЫШИ В ДИКОЙ
ПРИРОДЕ»
16.50 Т/С «МЕТОД ЛАВРО-
ВОЙ» (16+)
18.30 «СОБЫТИЯ»
18.40 «КАБИНЕТ МИНИСТРОВ»
(16+)
18.50 ПАТРУЛЬНЫЙ УЧАСТОК
19.10 Т/С «МЕТОД ЛАВРО-
ВОЙ» (16+)
21.00, 22.30 «СОБЫТИЯ» (16+)
21.30, 23.00 НОВОСТИ ТАУ
(16+)
23.10, 02.40, 04.40 ПАТРУЛЬ-
НЫЙ УЧАСТОК
23.30 Х/Ф «ОБИТАЕМЫЙ
ОСТРОВ» (12+)
01.35 «ДЕТЁНЫШИ В ДИКОЙ
ПРИРОДЕ»
02.00, 04.00 «СОБЫТИЯ» (16+)
04.30 «КАБИНЕТ МИНИ-
СТРОВ» (16+)
5
5.00 ИЗВЕСТИЯ
5.10 Т/С «КОРОТКОЕ ДЫХА-
НИЕ» (16+)
9.00 ИЗВЕСТИЯ
9.25 Т/С «НОВОГОДНИЙ
РЕЙС» (12+)
13.00 ИЗВЕСТИЯ
13.25 Т/С «ОПЕРА. ХРОНИКИ
УБОЙНОГО ОТДЕЛА»
16.05 Т/С «ДЕТЕКТИВЫ» (16+)
18.00 Т/С «СЛЕД» (16+)
22.00 ИЗВЕСТИЯ
22.30 Т/С «СЛЕД» (16+)
23.15 Т/С «СЛЕД» (16+)
00.00 ИЗВЕСТИЯ. ИТОГОВЫЙ
ВЫПУСК
00.30 Т/С «ВЕРБНОЕ ВОСКРЕ-
СЕНЬЕ» (16+)
